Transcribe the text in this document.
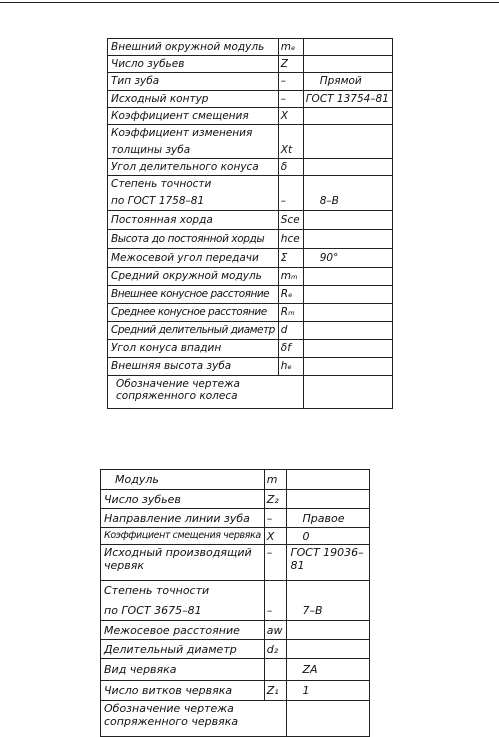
Внешний окружной модуль	mₑ	
Число зубьев	Z	
Тип зуба	–	Прямой
Исходный контур	–	ГОСТ 13754–81
Коэффициент смещения	X	
Коэффициент изменения		
толщины зуба	Xt	
Угол делительного конуса	δ	
Степень точности		
по ГОСТ 1758–81	–	8–B
Постоянная хорда	Sce	
Высота до постоянной хорды	hce	
Межосевой угол передачи	Σ	90°
Средний окружной модуль	mₘ	
Внешнее конусное расстояние	Rₑ	
Среднее конусное расстояние	Rₘ	
Средний делительный диаметр	d	
Угол конуса впадин	δf	
Внешняя высота зуба	hₑ	
Обозначение чертежа сопряженного колеса		
Модуль	m	
Число зубьев	Z₂	
Направление линии зуба	–	Правое
Коэффициент смещения червяка	X	0
Исходный производящий червяк	–	ГОСТ 19036–81
Степень точности		
по ГОСТ 3675–81	–	7–B
Межосевое расстояние	aw	
Делительный диаметр	d₂	
Вид червяка		ZA
Число витков червяка	Z₁	1
Обозначение чертежа сопряженного червяка		
